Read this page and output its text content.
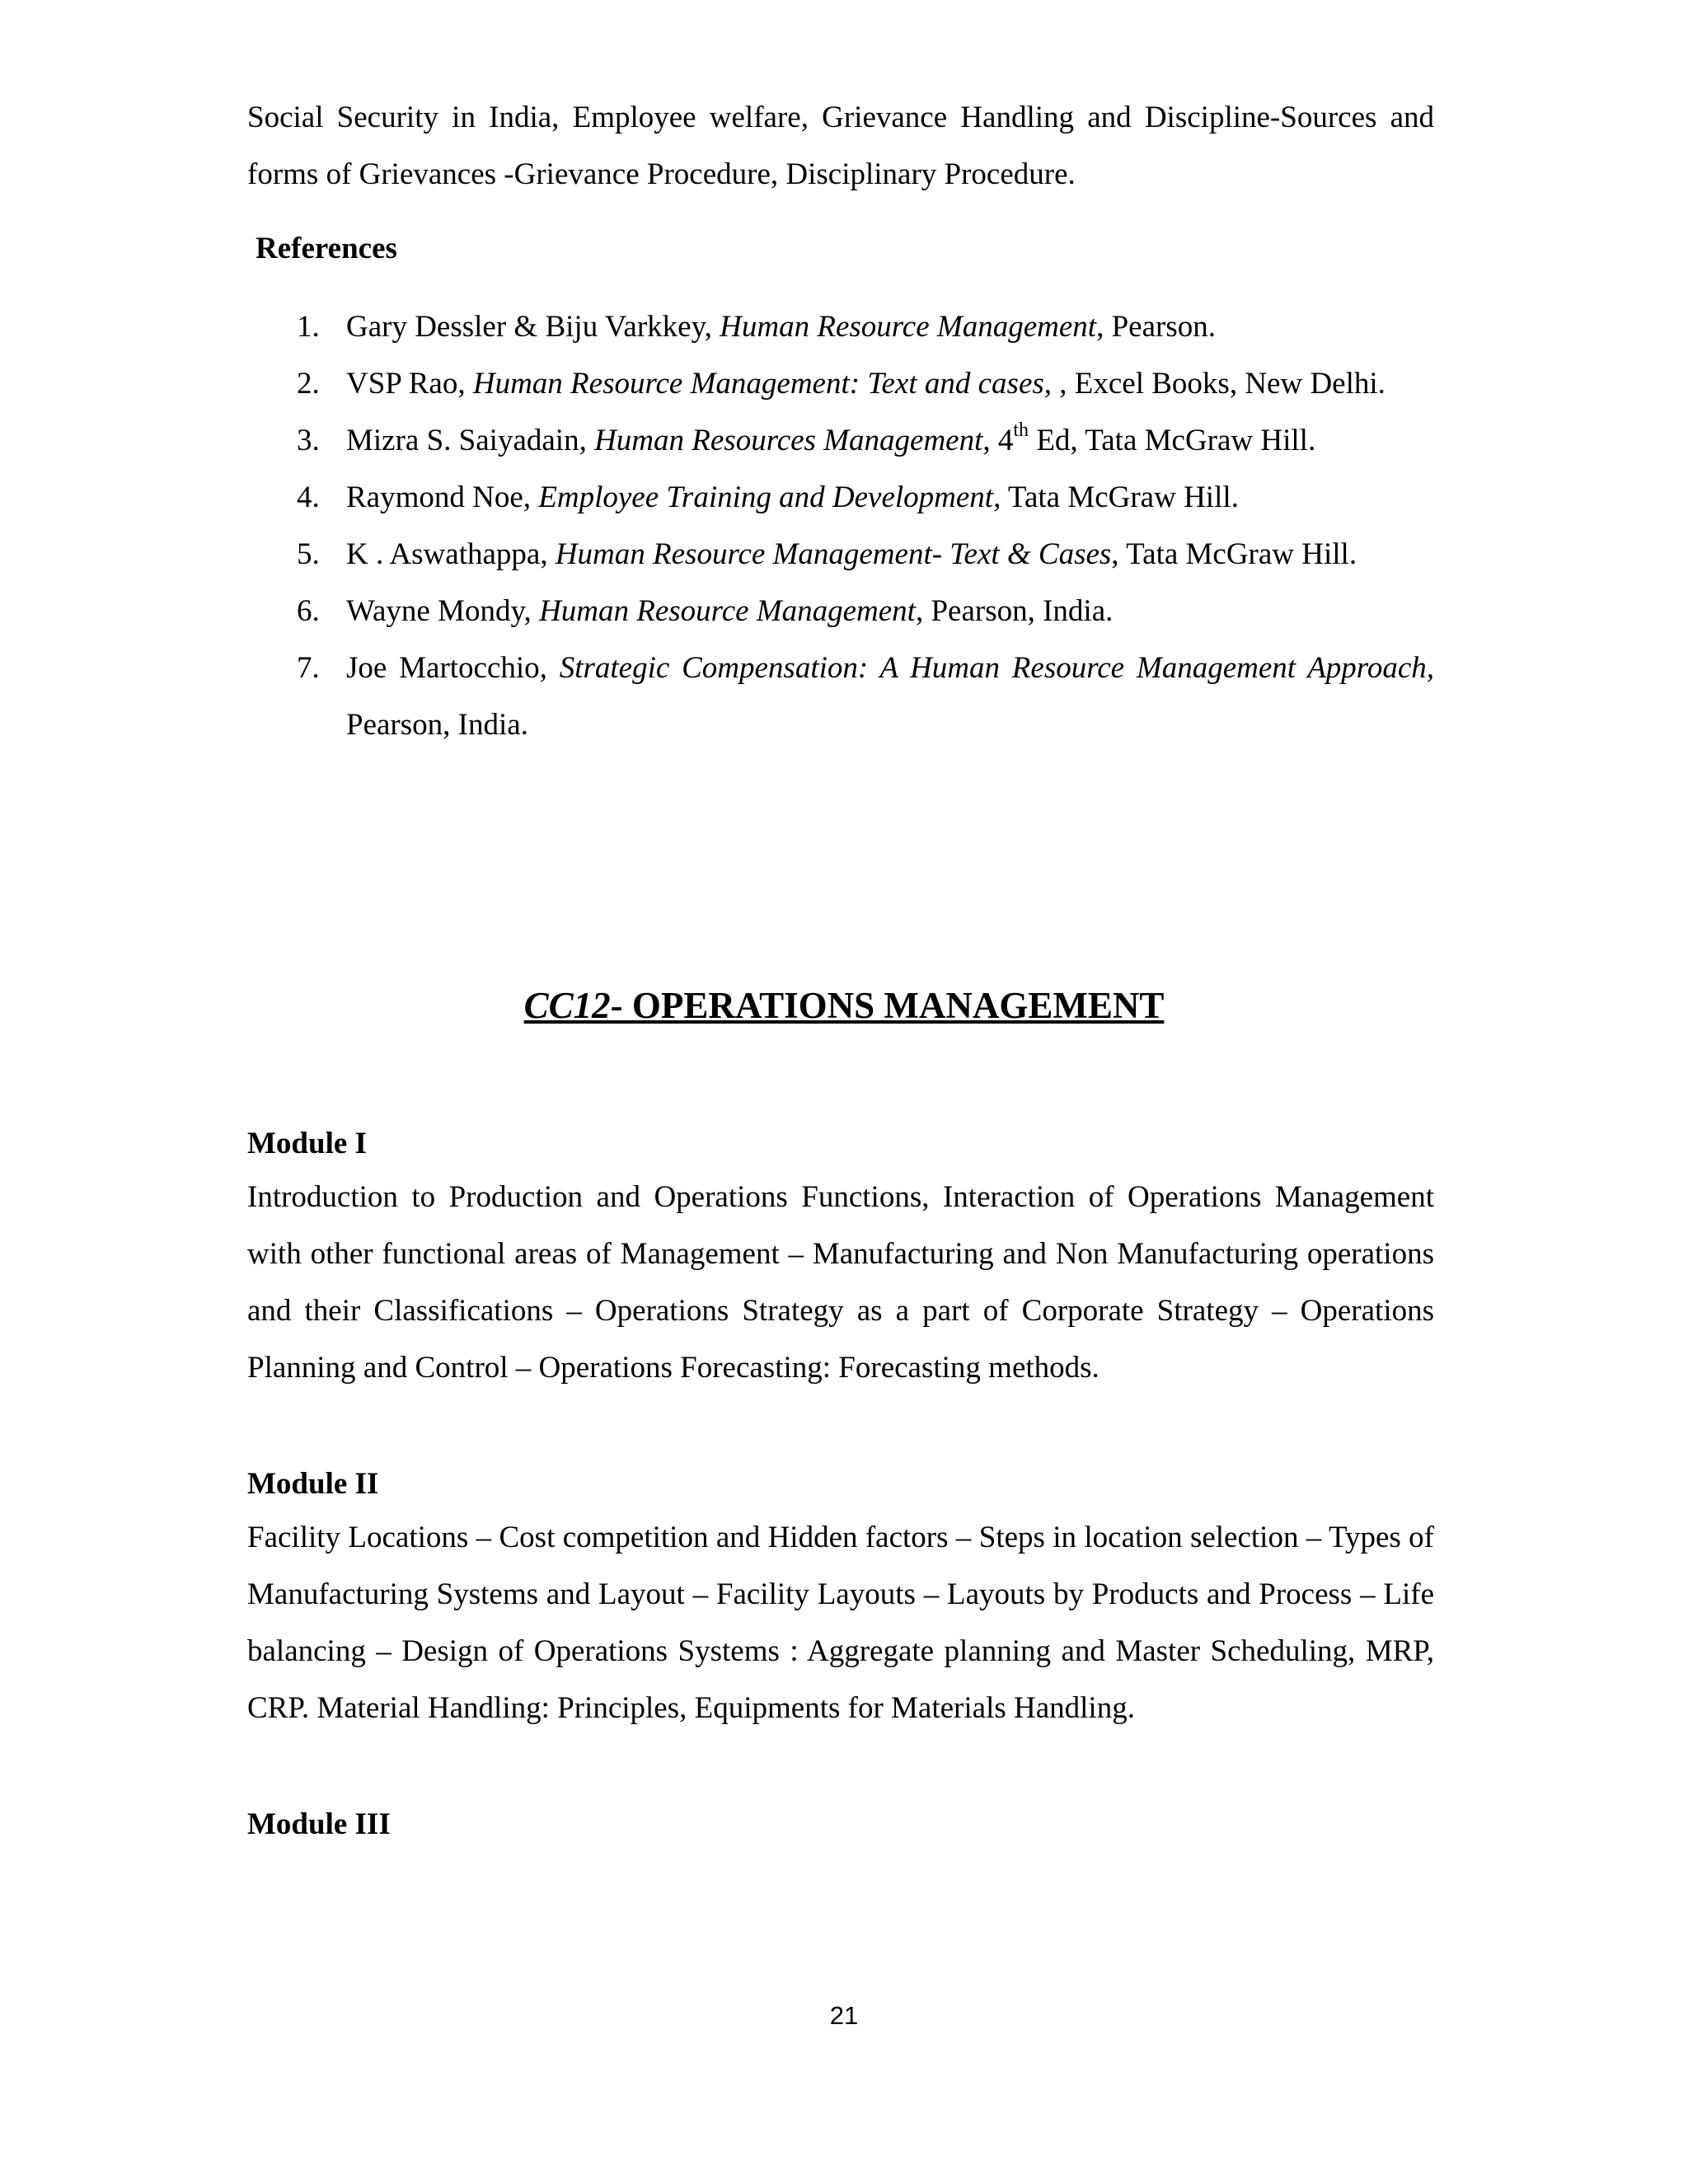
Social Security in India, Employee welfare, Grievance Handling and Discipline-Sources and forms of Grievances -Grievance Procedure, Disciplinary Procedure.

References

1. Gary Dessler & Biju Varkkey, Human Resource Management, Pearson.

2. VSP Rao, Human Resource Management: Text and cases, , Excel Books, New Delhi.

3. Mizra S. Saiyadain, Human Resources Management, 4th Ed, Tata McGraw Hill.

4. Raymond Noe, Employee Training and Development, Tata McGraw Hill.

5. K . Aswathappa, Human Resource Management- Text & Cases, Tata McGraw Hill.

6. Wayne Mondy, Human Resource Management, Pearson, India.

7. Joe Martocchio, Strategic Compensation: A Human Resource Management Approach, Pearson, India.

CC12- OPERATIONS MANAGEMENT

Module I

Introduction to Production and Operations Functions, Interaction of Operations Management with other functional areas of Management – Manufacturing and Non Manufacturing operations and their Classifications – Operations Strategy as a part of Corporate Strategy – Operations Planning and Control – Operations Forecasting: Forecasting methods.

Module II

Facility Locations – Cost competition and Hidden factors – Steps in location selection – Types of Manufacturing Systems and Layout – Facility Layouts – Layouts by Products and Process – Life balancing – Design of Operations Systems : Aggregate planning and Master Scheduling, MRP, CRP. Material Handling: Principles, Equipments for Materials Handling.

Module III

21
